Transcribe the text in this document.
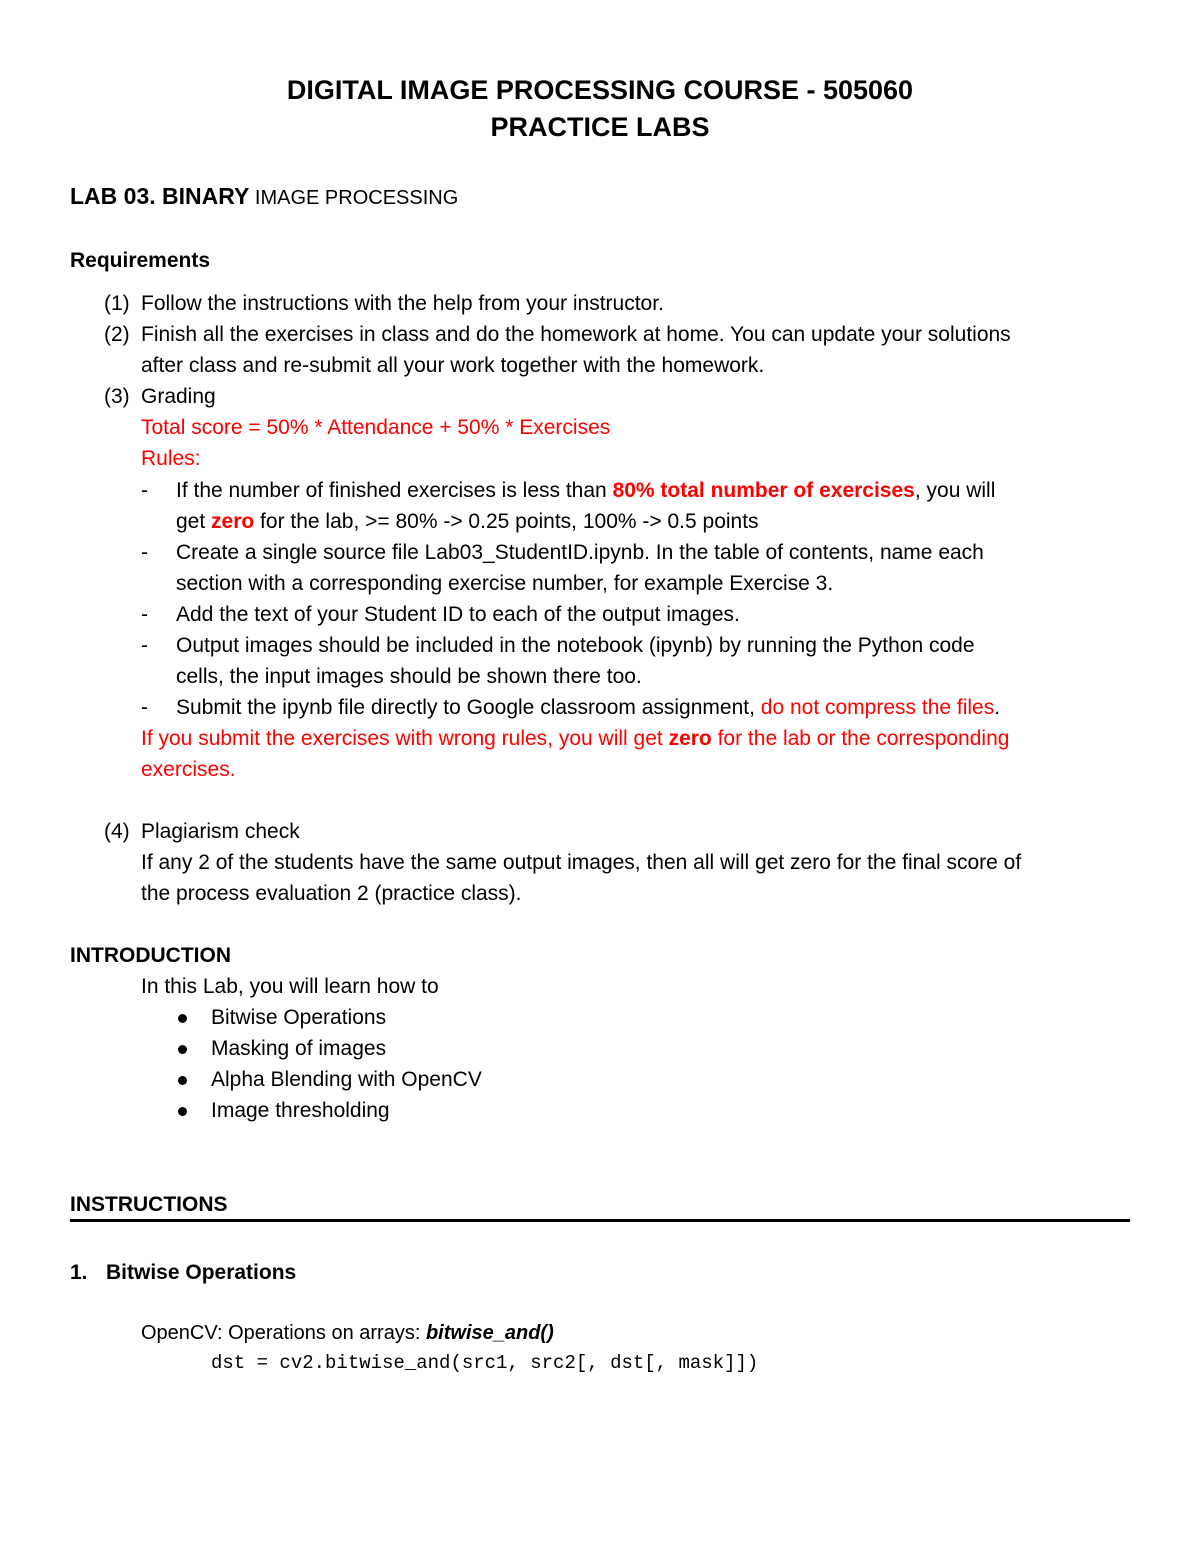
DIGITAL IMAGE PROCESSING COURSE - 505060
PRACTICE LABS
LAB 03. BINARY IMAGE PROCESSING
Requirements
(1) Follow the instructions with the help from your instructor.
(2) Finish all the exercises in class and do the homework at home. You can update your solutions
after class and re-submit all your work together with the homework.
(3) Grading
Total score = 50% * Attendance + 50% * Exercises
Rules:
- If the number of finished exercises is less than 80% total number of exercises, you will
get zero for the lab, >= 80% -> 0.25 points, 100% -> 0.5 points
- Create a single source file Lab03_StudentID.ipynb. In the table of contents, name each
section with a corresponding exercise number, for example Exercise 3.
- Add the text of your Student ID to each of the output images.
- Output images should be included in the notebook (ipynb) by running the Python code
cells, the input images should be shown there too.
- Submit the ipynb file directly to Google classroom assignment, do not compress the files.
If you submit the exercises with wrong rules, you will get zero for the lab or the corresponding
exercises.
(4) Plagiarism check
If any 2 of the students have the same output images, then all will get zero for the final score of
the process evaluation 2 (practice class).
INTRODUCTION
In this Lab, you will learn how to
Bitwise Operations
Masking of images
Alpha Blending with OpenCV
Image thresholding
INSTRUCTIONS
1. Bitwise Operations
OpenCV: Operations on arrays: bitwise_and()
dst = cv2.bitwise_and(src1, src2[, dst[, mask]])
